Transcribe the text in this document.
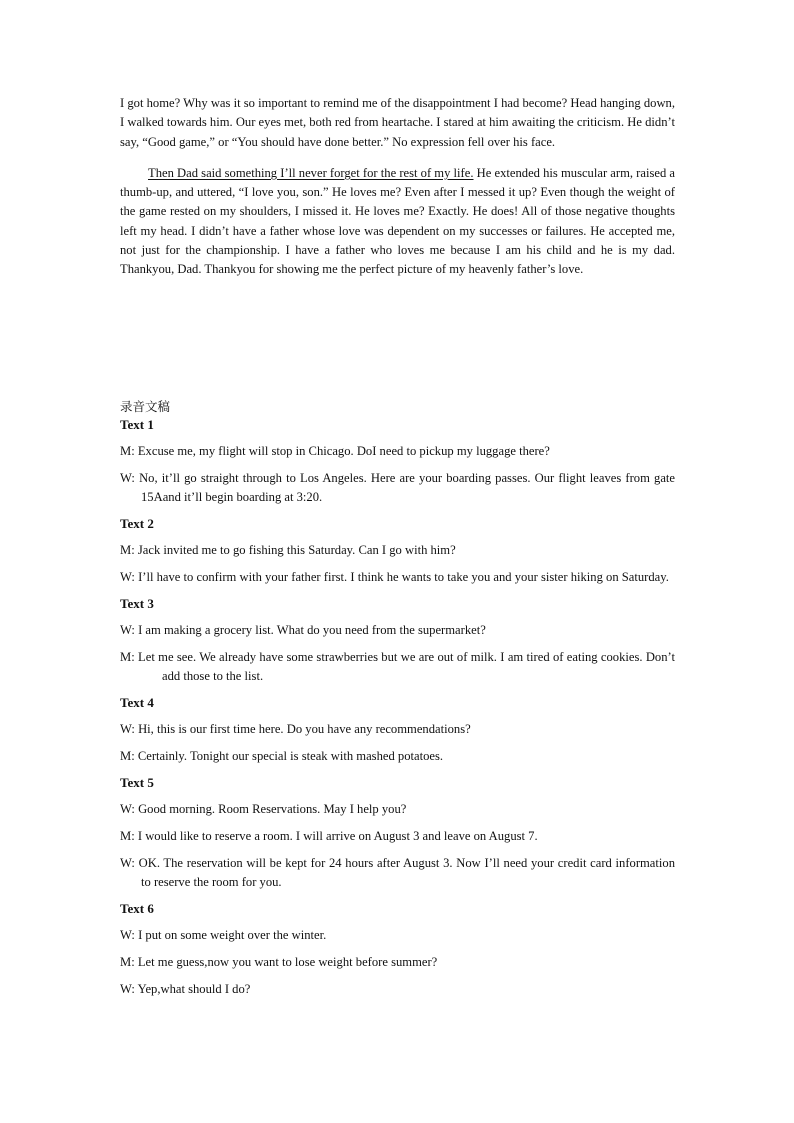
I got home? Why was it so important to remind me of the disappointment I had become? Head hanging down, I walked towards him. Our eyes met, both red from heartache. I stared at him awaiting the criticism. He didn’t say, “Good game,” or “You should have done better.” No expression fell over his face.

Then Dad said something I’ll never forget for the rest of my life. He extended his muscular arm, raised a thumb-up, and uttered, “I love you, son.” He loves me? Even after I messed it up? Even though the weight of the game rested on my shoulders, I missed it. He loves me? Exactly. He does! All of those negative thoughts left my head. I didn’t have a father whose love was dependent on my successes or failures. He accepted me, not just for the championship. I have a father who loves me because I am his child and he is my dad. Thankyou, Dad. Thankyou for showing me the perfect picture of my heavenly father’s love.

录音文稿

Text 1

M: Excuse me, my flight will stop in Chicago. DoI need to pickup my luggage there?

W: No, it’ll go straight through to Los Angeles. Here are your boarding passes. Our flight leaves from gate 15Aand it’ll begin boarding at 3:20.

Text 2

M: Jack invited me to go fishing this Saturday. Can I go with him?

W: I’ll have to confirm with your father first. I think he wants to take you and your sister hiking on Saturday.

Text 3

W: I am making a grocery list. What do you need from the supermarket?

M: Let me see. We already have some strawberries but we are out of milk. I am tired of eating cookies. Don’t add those to the list.

Text 4

W: Hi, this is our first time here. Do you have any recommendations?

M: Certainly. Tonight our special is steak with mashed potatoes.

Text 5

W: Good morning. Room Reservations. May I help you?

M: I would like to reserve a room. I will arrive on August 3 and leave on August 7.

W: OK. The reservation will be kept for 24 hours after August 3. Now I’ll need your credit card information to reserve the room for you.

Text 6

W: I put on some weight over the winter.

M: Let me guess,now you want to lose weight before summer?

W: Yep,what should I do?
